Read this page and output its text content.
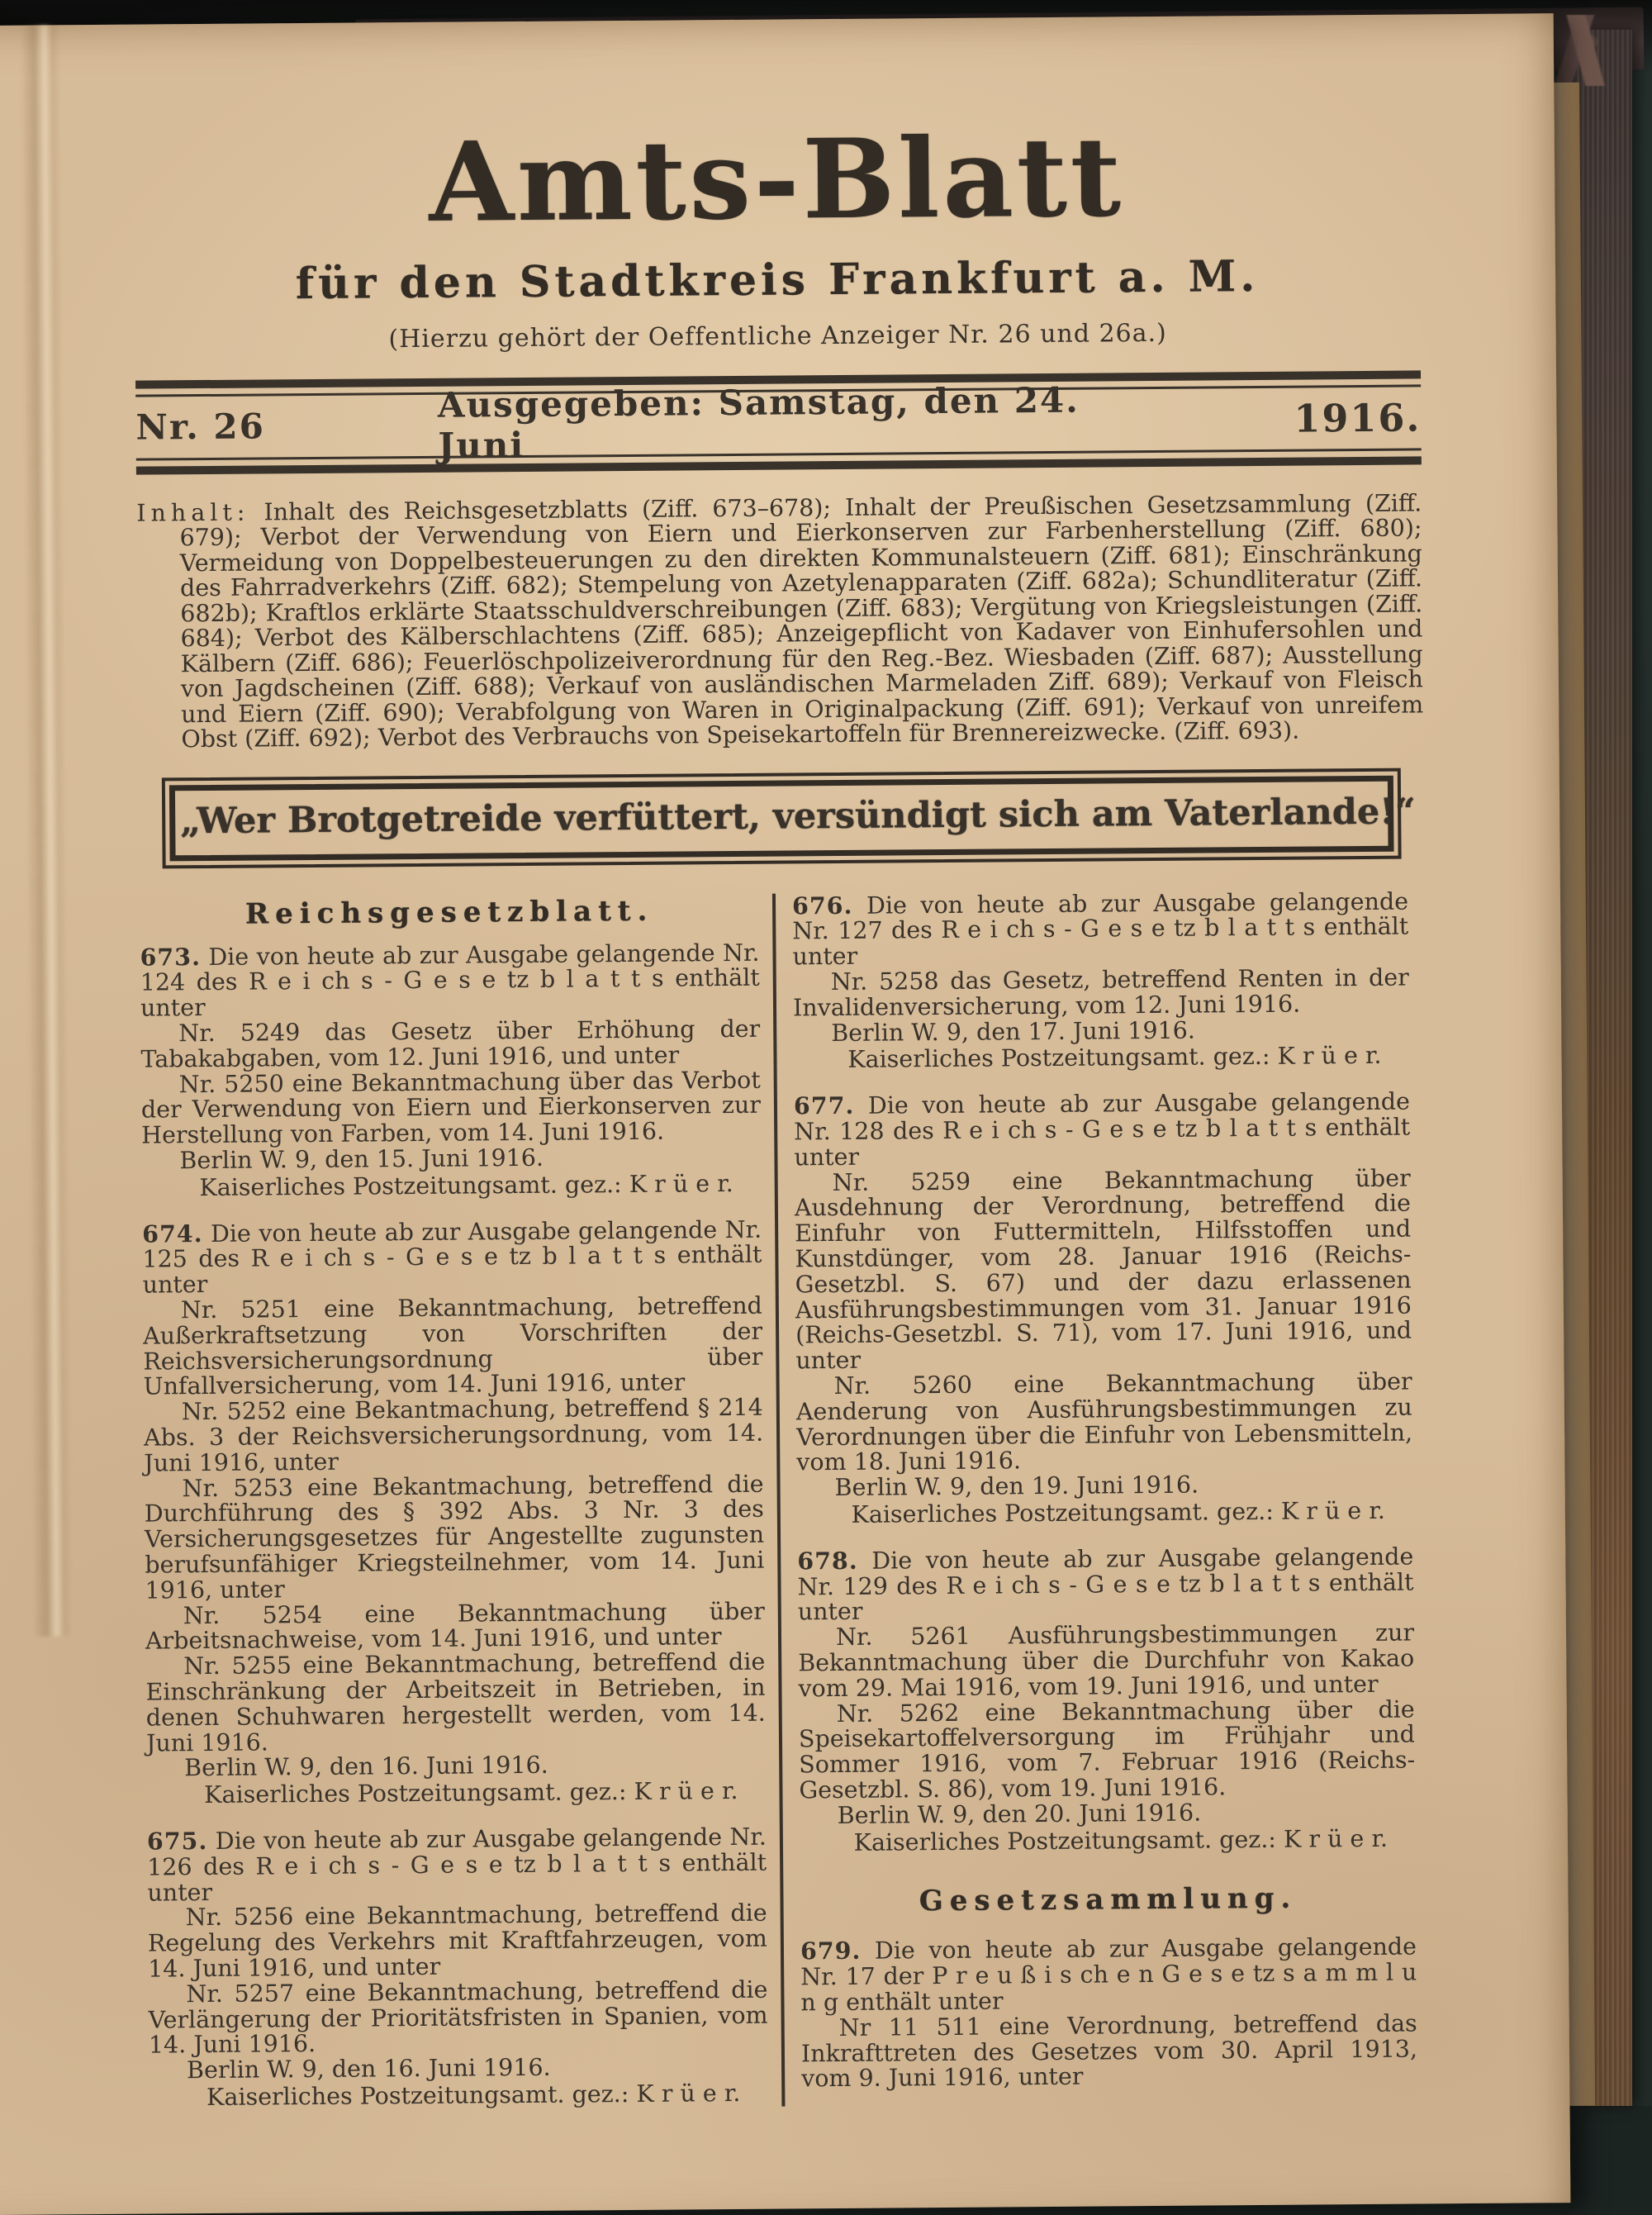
Amts-Blatt
für den Stadtkreis Frankfurt a. M.
(Hierzu gehört der Oeffentliche Anzeiger Nr. 26 und 26a.)
Nr. 26
Ausgegeben: Samstag, den 24. Juni
1916.

Inhalt: Inhalt des Reichsgesetzblatts (Ziff. 673–678); Inhalt der Preußischen Gesetzsammlung (Ziff. 679); Verbot der Verwendung von Eiern und Eierkonserven zur Farbenherstellung (Ziff. 680); Vermeidung von Doppelbesteuerungen zu den direkten Kommunalsteuern (Ziff. 681); Einschränkung des Fahrradverkehrs (Ziff. 682); Stempelung von Azetylenapparaten (Ziff. 682a); Schundliteratur (Ziff. 682b); Kraftlos erklärte Staatsschuldverschreibungen (Ziff. 683); Vergütung von Kriegsleistungen (Ziff. 684); Verbot des Kälberschlachtens (Ziff. 685); Anzeigepflicht von Kadaver von Einhufersohlen und Kälbern (Ziff. 686); Feuerlöschpolizeiverordnung für den Reg.-Bez. Wiesbaden (Ziff. 687); Ausstellung von Jagdscheinen (Ziff. 688); Verkauf von ausländischen Marmeladen Ziff. 689); Verkauf von Fleisch und Eiern (Ziff. 690); Verabfolgung von Waren in Originalpackung (Ziff. 691); Verkauf von unreifem Obst (Ziff. 692); Verbot des Verbrauchs von Speisekartoffeln für Brennereizwecke. (Ziff. 693).

„Wer Brotgetreide verfüttert, versündigt sich am Vaterlande!“
Reichsgesetzblatt.

673. Die von heute ab zur Ausgabe gelangende Nr. 124 des R e i ch s - G e s e tz b l a t t s enthält unter

Nr. 5249 das Gesetz über Erhöhung der Tabakabgaben, vom 12. Juni 1916, und unter

Nr. 5250 eine Bekanntmachung über das Verbot der Verwendung von Eiern und Eierkonserven zur Herstellung von Farben, vom 14. Juni 1916.

Berlin W. 9, den 15. Juni 1916.

Kaiserliches Postzeitungsamt. gez.: K r ü e r.

674. Die von heute ab zur Ausgabe gelangende Nr. 125 des R e i ch s - G e s e tz b l a t t s enthält unter

Nr. 5251 eine Bekanntmachung, betreffend Außerkraftsetzung von Vorschriften der Reichsversicherungsordnung über Unfallversicherung, vom 14. Juni 1916, unter

Nr. 5252 eine Bekantmachung, betreffend § 214 Abs. 3 der Reichsversicherungsordnung, vom 14. Juni 1916, unter

Nr. 5253 eine Bekantmachung, betreffend die Durchführung des § 392 Abs. 3 Nr. 3 des Versicherungsgesetzes für Angestellte zugunsten berufsunfähiger Kriegsteilnehmer, vom 14. Juni 1916, unter

Nr. 5254 eine Bekanntmachung über Arbeitsnachweise, vom 14. Juni 1916, und unter

Nr. 5255 eine Bekanntmachung, betreffend die Einschränkung der Arbeitszeit in Betrieben, in denen Schuhwaren hergestellt werden, vom 14. Juni 1916.

Berlin W. 9, den 16. Juni 1916.

Kaiserliches Postzeitungsamt. gez.: K r ü e r.

675. Die von heute ab zur Ausgabe gelangende Nr. 126 des R e i ch s - G e s e tz b l a t t s enthält unter

Nr. 5256 eine Bekanntmachung, betreffend die Regelung des Verkehrs mit Kraftfahrzeugen, vom 14. Juni 1916, und unter

Nr. 5257 eine Bekanntmachung, betreffend die Verlängerung der Prioritätsfristen in Spanien, vom 14. Juni 1916.

Berlin W. 9, den 16. Juni 1916.

Kaiserliches Postzeitungsamt. gez.: K r ü e r.

676. Die von heute ab zur Ausgabe gelangende Nr. 127 des R e i ch s - G e s e tz b l a t t s enthält unter

Nr. 5258 das Gesetz, betreffend Renten in der Invalidenversicherung, vom 12. Juni 1916.

Berlin W. 9, den 17. Juni 1916.

Kaiserliches Postzeitungsamt. gez.: K r ü e r.

677. Die von heute ab zur Ausgabe gelangende Nr. 128 des R e i ch s - G e s e tz b l a t t s enthält unter

Nr. 5259 eine Bekanntmachung über Ausdehnung der Verordnung, betreffend die Einfuhr von Futtermitteln, Hilfsstoffen und Kunstdünger, vom 28. Januar 1916 (Reichs-Gesetzbl. S. 67) und der dazu erlassenen Ausführungsbestimmungen vom 31. Januar 1916 (Reichs-Gesetzbl. S. 71), vom 17. Juni 1916, und unter

Nr. 5260 eine Bekanntmachung über Aenderung von Ausführungsbestimmungen zu Verordnungen über die Einfuhr von Lebensmitteln, vom 18. Juni 1916.

Berlin W. 9, den 19. Juni 1916.

Kaiserliches Postzeitungsamt. gez.: K r ü e r.

678. Die von heute ab zur Ausgabe gelangende Nr. 129 des R e i ch s - G e s e tz b l a t t s enthält unter

Nr. 5261 Ausführungsbestimmungen zur Bekanntmachung über die Durchfuhr von Kakao vom 29. Mai 1916, vom 19. Juni 1916, und unter

Nr. 5262 eine Bekanntmachung über die Speisekartoffelversorgung im Frühjahr und Sommer 1916, vom 7. Februar 1916 (Reichs-Gesetzbl. S. 86), vom 19. Juni 1916.

Berlin W. 9, den 20. Juni 1916.

Kaiserliches Postzeitungsamt. gez.: K r ü e r.

Gesetzsammlung.

679. Die von heute ab zur Ausgabe gelangende Nr. 17 der P r e u ß i s ch e n G e s e tz s a m m l u n g enthält unter

Nr 11 511 eine Verordnung, betreffend das Inkrafttreten des Gesetzes vom 30. April 1913, vom 9. Juni 1916, unter
